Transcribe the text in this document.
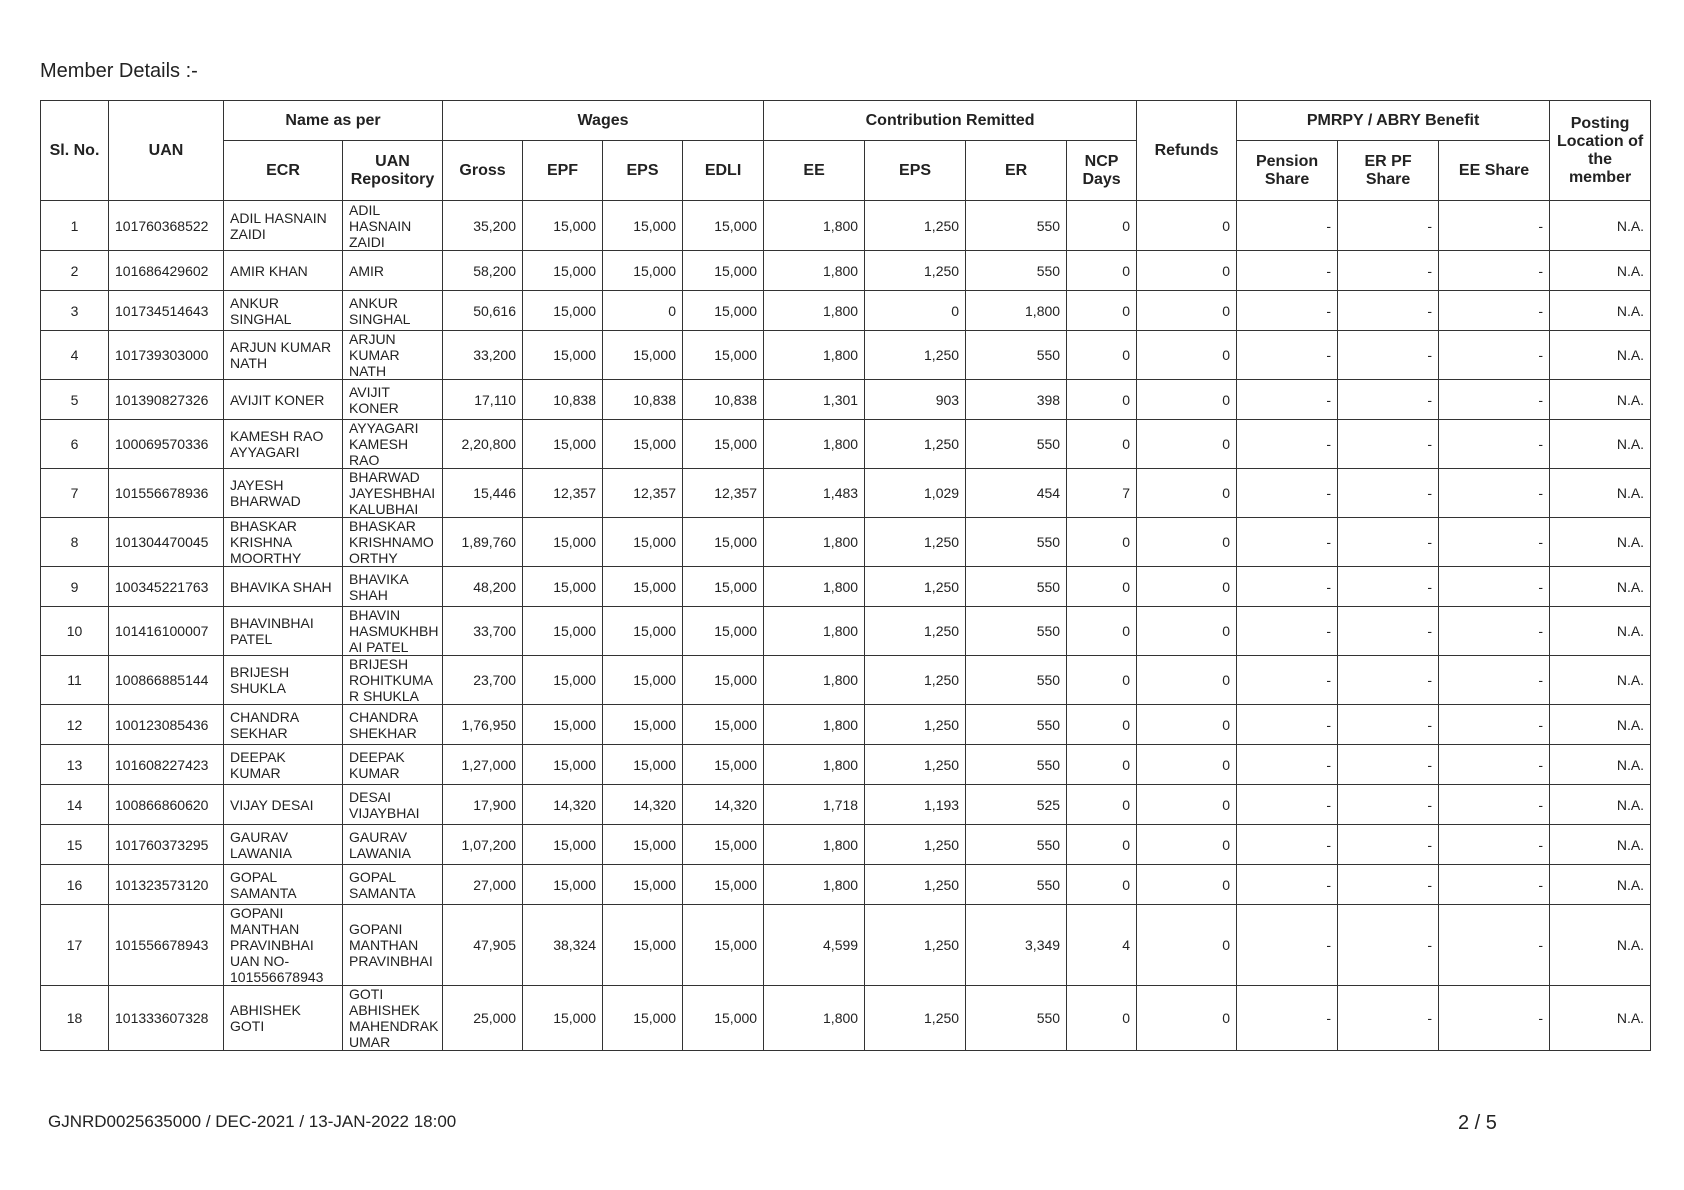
Member Details :-
Sl. No.	UAN	Name as per		Wages				Contribution Remitted				Refunds	PMRPY / ABRY Benefit			Posting Location of the member
		ECR	UAN Repository	Gross	EPF	EPS	EDLI	EE	EPS	ER	NCP Days		Pension Share	ER PF Share	EE Share	
1	101760368522	ADIL HASNAIN ZAIDI	ADIL HASNAIN ZAIDI	35,200	15,000	15,000	15,000	1,800	1,250	550	0	0	-	-	-	N.A.
2	101686429602	AMIR KHAN	AMIR	58,200	15,000	15,000	15,000	1,800	1,250	550	0	0	-	-	-	N.A.
3	101734514643	ANKUR SINGHAL	ANKUR SINGHAL	50,616	15,000	0	15,000	1,800	0	1,800	0	0	-	-	-	N.A.
4	101739303000	ARJUN KUMAR NATH	ARJUN KUMAR NATH	33,200	15,000	15,000	15,000	1,800	1,250	550	0	0	-	-	-	N.A.
5	101390827326	AVIJIT KONER	AVIJIT KONER	17,110	10,838	10,838	10,838	1,301	903	398	0	0	-	-	-	N.A.
6	100069570336	KAMESH RAO AYYAGARI	AYYAGARI KAMESH RAO	2,20,800	15,000	15,000	15,000	1,800	1,250	550	0	0	-	-	-	N.A.
7	101556678936	JAYESH BHARWAD	BHARWAD JAYESHBHAI KALUBHAI	15,446	12,357	12,357	12,357	1,483	1,029	454	7	0	-	-	-	N.A.
8	101304470045	BHASKAR KRISHNA MOORTHY	BHASKAR KRISHNAMO ORTHY	1,89,760	15,000	15,000	15,000	1,800	1,250	550	0	0	-	-	-	N.A.
9	100345221763	BHAVIKA SHAH	BHAVIKA SHAH	48,200	15,000	15,000	15,000	1,800	1,250	550	0	0	-	-	-	N.A.
10	101416100007	BHAVINBHAI PATEL	BHAVIN HASMUKHBH AI PATEL	33,700	15,000	15,000	15,000	1,800	1,250	550	0	0	-	-	-	N.A.
11	100866885144	BRIJESH SHUKLA	BRIJESH ROHITKUMA R SHUKLA	23,700	15,000	15,000	15,000	1,800	1,250	550	0	0	-	-	-	N.A.
12	100123085436	CHANDRA SEKHAR	CHANDRA SHEKHAR	1,76,950	15,000	15,000	15,000	1,800	1,250	550	0	0	-	-	-	N.A.
13	101608227423	DEEPAK KUMAR	DEEPAK KUMAR	1,27,000	15,000	15,000	15,000	1,800	1,250	550	0	0	-	-	-	N.A.
14	100866860620	VIJAY DESAI	DESAI VIJAYBHAI	17,900	14,320	14,320	14,320	1,718	1,193	525	0	0	-	-	-	N.A.
15	101760373295	GAURAV LAWANIA	GAURAV LAWANIA	1,07,200	15,000	15,000	15,000	1,800	1,250	550	0	0	-	-	-	N.A.
16	101323573120	GOPAL SAMANTA	GOPAL SAMANTA	27,000	15,000	15,000	15,000	1,800	1,250	550	0	0	-	-	-	N.A.
17	101556678943	GOPANI MANTHAN PRAVINBHAI UAN NO-101556678943	GOPANI MANTHAN PRAVINBHAI	47,905	38,324	15,000	15,000	4,599	1,250	3,349	4	0	-	-	-	N.A.
18	101333607328	ABHISHEK GOTI	GOTI ABHISHEK MAHENDRAK UMAR	25,000	15,000	15,000	15,000	1,800	1,250	550	0	0	-	-	-	N.A.
GJNRD0025635000 / DEC-2021 / 13-JAN-2022 18:00	2 / 5
